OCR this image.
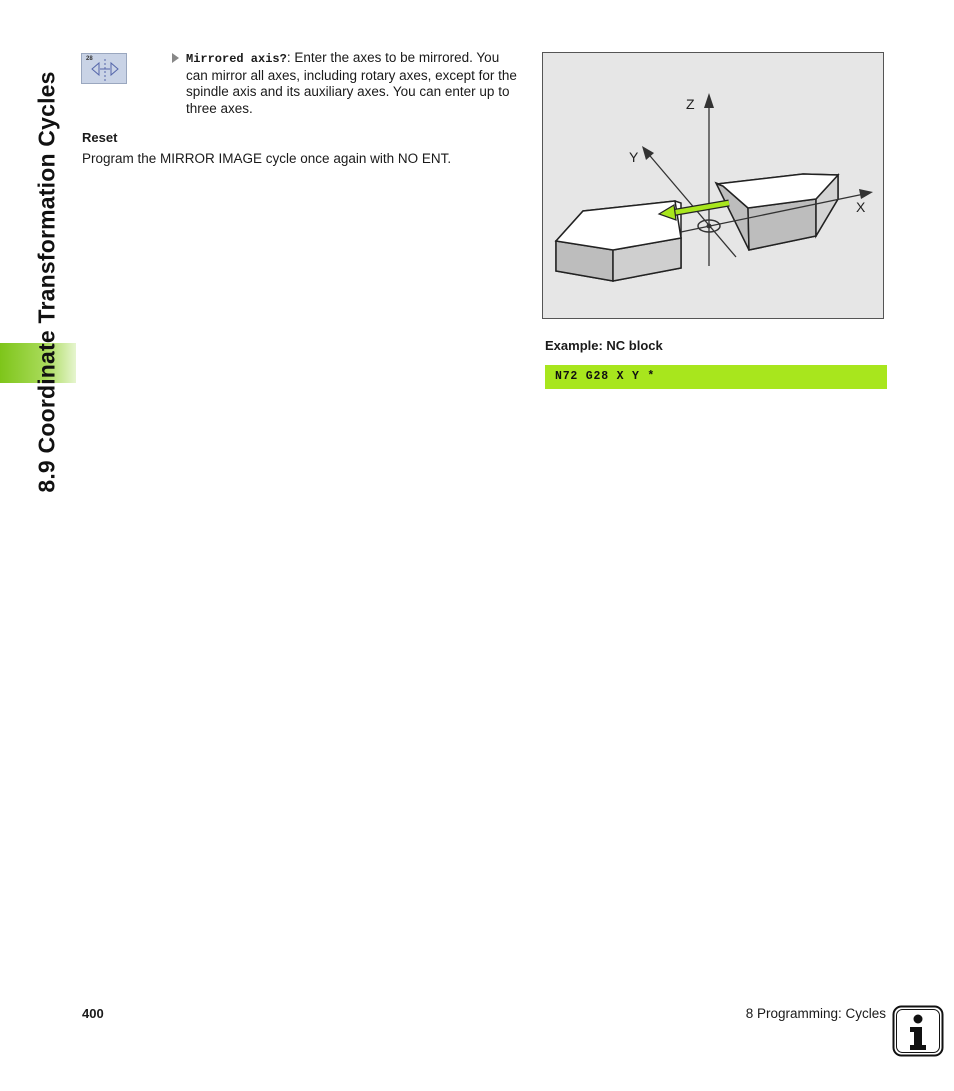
8.9 Coordinate Transformation Cycles
28	Mirrored axis?: Enter the axes to be mirrored. You can mirror all axes, including rotary axes, except for the spindle axis and its auxiliary axes. You can enter up to three axes.
Reset
Program the MIRROR IMAGE cycle once again with NO ENT.
Z
Y
X
Example: NC block
N72 G28 X Y *
400	8 Programming: Cycles
